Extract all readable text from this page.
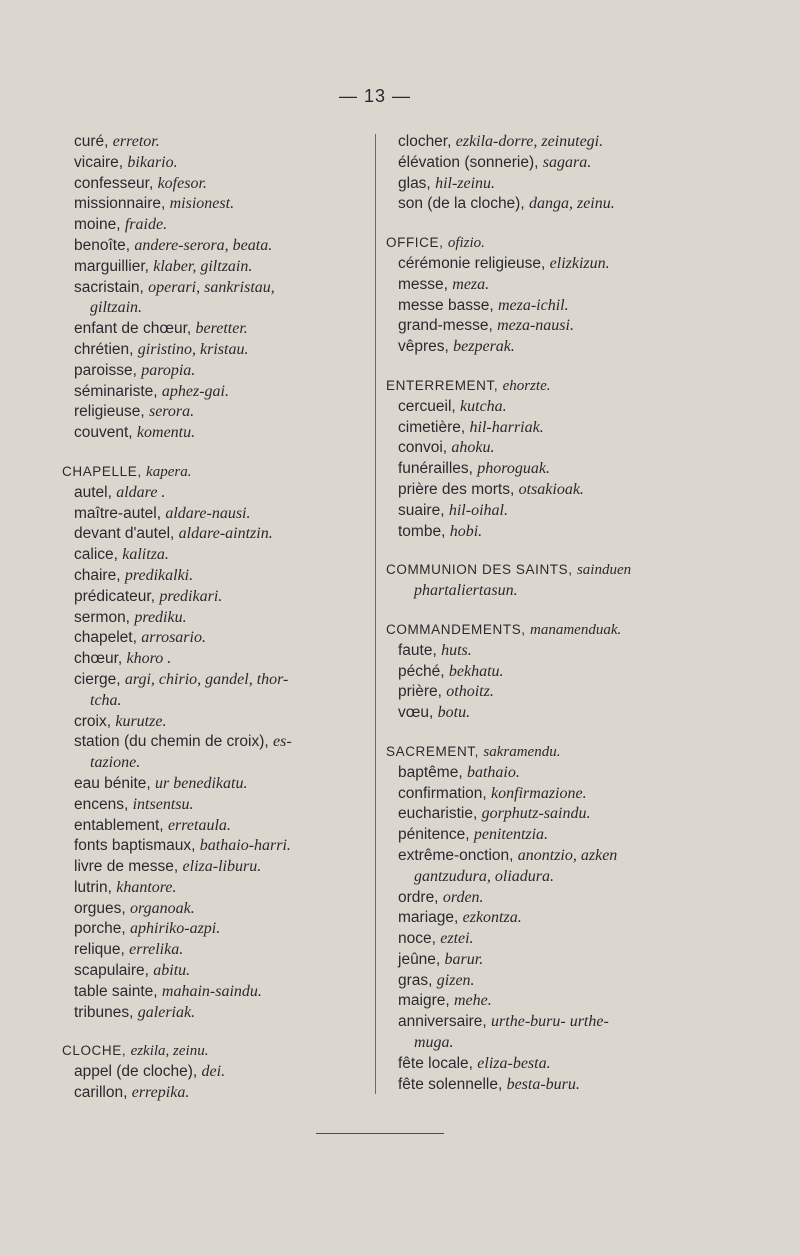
— 13 —
curé, erretor.
vicaire, bikario.
confesseur, kofesor.
missionnaire, misionest.
moine, fraide.
benoîte, andere-serora, beata.
marguillier, klaber, giltzain.
sacristain, operari, sankristau,
giltzain.
enfant de chœur, beretter.
chrétien, giristino, kristau.
paroisse, paropia.
séminariste, aphez-gai.
religieuse, serora.
couvent, komentu.
CHAPELLE, kapera.
autel, aldare .
maître-autel, aldare-nausi.
devant d'autel, aldare-aintzin.
calice, kalitza.
chaire, predikalki.
prédicateur, predikari.
sermon, prediku.
chapelet, arrosario.
chœur, khoro .
cierge, argi, chirio, gandel, thor-
tcha.
croix, kurutze.
station (du chemin de croix), es-
tazione.
eau bénite, ur benedikatu.
encens, intsentsu.
entablement, erretaula.
fonts baptismaux, bathaio-harri.
livre de messe, eliza-liburu.
lutrin, khantore.
orgues, organoak.
porche, aphiriko-azpi.
relique, errelika.
scapulaire, abitu.
table sainte, mahain-saindu.
tribunes, galeriak.
CLOCHE, ezkila, zeinu.
appel (de cloche), dei.
carillon, errepika.
clocher, ezkila-dorre, zeinutegi.
élévation (sonnerie), sagara.
glas, hil-zeinu.
son (de la cloche), danga, zeinu.
OFFICE, ofizio.
cérémonie religieuse, elizkizun.
messe, meza.
messe basse, meza-ichil.
grand-messe, meza-nausi.
vêpres, bezperak.
ENTERREMENT, ehorzte.
cercueil, kutcha.
cimetière, hil-harriak.
convoi, ahoku.
funérailles, phoroguak.
prière des morts, otsakioak.
suaire, hil-oihal.
tombe, hobi.
COMMUNION DES SAINTS, sainduen
phartaliertasun.
COMMANDEMENTS, manamenduak.
faute, huts.
péché, bekhatu.
prière, othoitz.
vœu, botu.
SACREMENT, sakramendu.
baptême, bathaio.
confirmation, konfirmazione.
eucharistie, gorphutz-saindu.
pénitence, penitentzia.
extrême-onction, anontzio, azken
gantzudura, oliadura.
ordre, orden.
mariage, ezkontza.
noce, eztei.
jeûne, barur.
gras, gizen.
maigre, mehe.
anniversaire, urthe-buru- urthe-
muga.
fête locale, eliza-besta.
fête solennelle, besta-buru.
